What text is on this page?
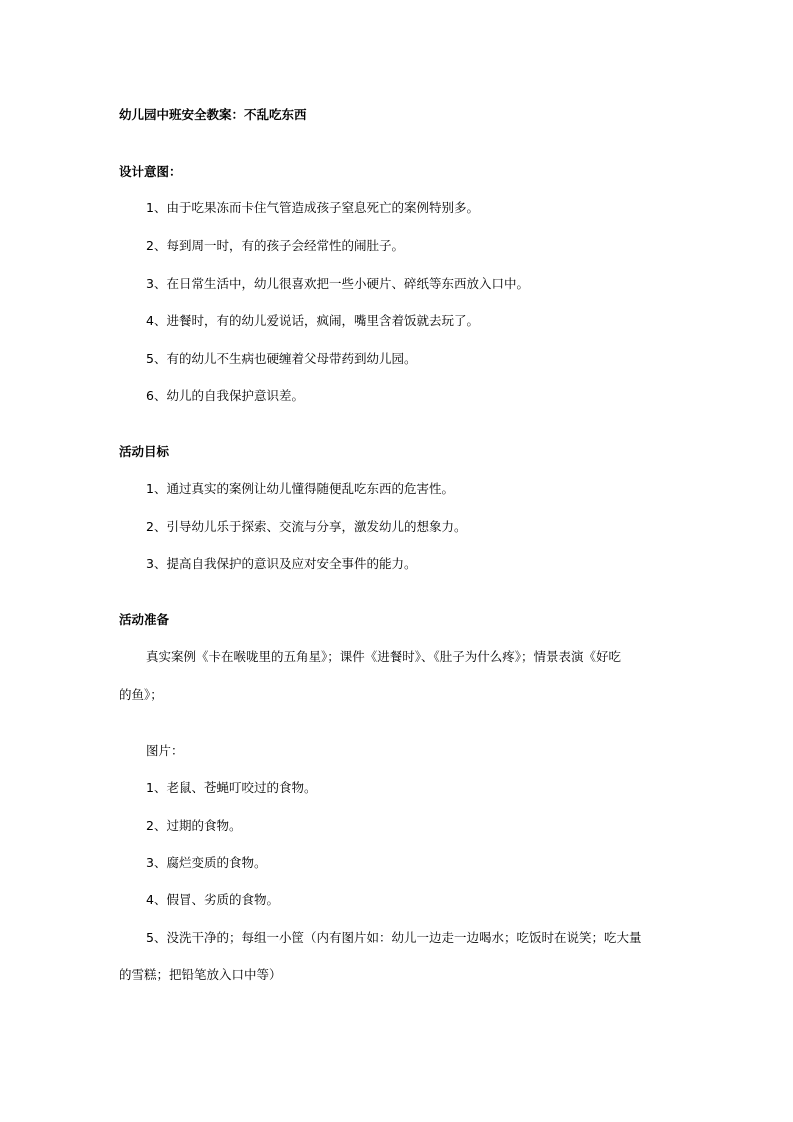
幼儿园中班安全教案：不乱吃东西
设计意图：
1、由于吃果冻而卡住气管造成孩子窒息死亡的案例特别多。
2、每到周一时，有的孩子会经常性的闹肚子。
3、在日常生活中，幼儿很喜欢把一些小硬片、碎纸等东西放入口中。
4、进餐时，有的幼儿爱说话，疯闹，嘴里含着饭就去玩了。
5、有的幼儿不生病也硬缠着父母带药到幼儿园。
6、幼儿的自我保护意识差。
活动目标
1、通过真实的案例让幼儿懂得随便乱吃东西的危害性。
2、引导幼儿乐于探索、交流与分享，激发幼儿的想象力。
3、提高自我保护的意识及应对安全事件的能力。
活动准备
真实案例《卡在喉咙里的五角星》；课件《进餐时》、《肚子为什么疼》；情景表演《好吃
的鱼》；
图片：
1、老鼠、苍蝇叮咬过的食物。
2、过期的食物。
3、腐烂变质的食物。
4、假冒、劣质的食物。
5、没洗干净的；每组一小筐（内有图片如：幼儿一边走一边喝水；吃饭时在说笑；吃大量
的雪糕；把铅笔放入口中等）
